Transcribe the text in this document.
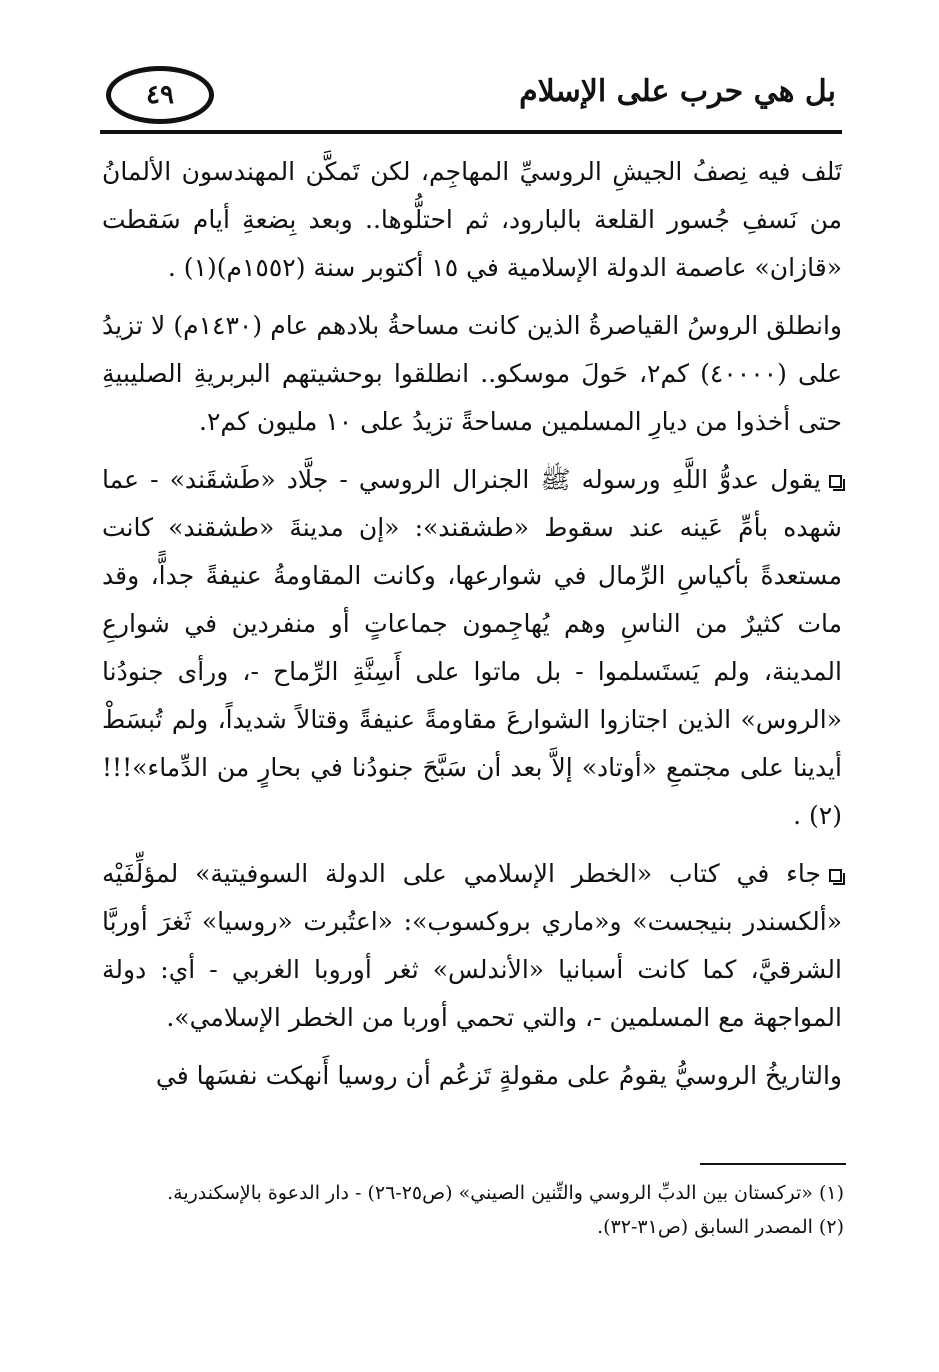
بل هي حرب على الإسلام
٤٩

تَلف فيه نِصفُ الجيشِ الروسيِّ المهاجِم، لكن تَمكَّن المهندسون الألمانُ من نَسفِ جُسور القلعة بالبارود، ثم احتلُّوها.. وبعد بِضعةِ أيام سَقطت «قازان» عاصمة الدولة الإسلامية في ١٥ أكتوبر سنة (١٥٥٢م)(١) .

وانطلق الروسُ القياصرةُ الذين كانت مساحةُ بلادهم عام (١٤٣٠م) لا تزيدُ على (٤٠٠٠٠) كم٢، حَولَ موسكو.. انطلقوا بوحشيتهم البربريةِ الصليبيةِ حتى أخذوا من ديارِ المسلمين مساحةً تزيدُ على ١٠ مليون كم٢.

يقول عدوُّ اللَّهِ ورسوله ﷺ الجنرال الروسي - جلَّاد «طَشقَند» - عما شهده بأمِّ عَينه عند سقوط «طشقند»: «إن مدينةَ «طشقند» كانت مستعدةً بأكياسِ الرِّمال في شوارعها، وكانت المقاومةُ عنيفةً جداًّ، وقد مات كثيرٌ من الناسِ وهم يُهاجِمون جماعاتٍ أو منفردين في شوارعِ المدينة، ولم يَستَسلموا - بل ماتوا على أَسِنَّةِ الرِّماح -، ورأى جنودُنا «الروس» الذين اجتازوا الشوارعَ مقاومةً عنيفةً وقتالاً شديداً، ولم تُبسَطْ أيدينا على مجتمعِ «أوتاد» إلاَّ بعد أن سَبَّحَ جنودُنا في بحارٍ من الدِّماء»!!!(٢) .

جاء في كتاب «الخطر الإسلامي على الدولة السوفيتية» لمؤلِّفَيْه «ألكسندر بنيجست» و«ماري بروكسوب»: «اعتُبرت «روسيا» ثَغرَ أوربَّا الشرقيَّ، كما كانت أسبانيا «الأندلس» ثغر أوروبا الغربي - أي: دولة المواجهة مع المسلمين -، والتي تحمي أوربا من الخطر الإسلامي».

والتاريخُ الروسيُّ يقومُ على مقولةٍ تَزعُم أن روسيا أَنهكت نفسَها في

(١) «تركستان بين الدبِّ الروسي والتِّنين الصيني» (ص٢٥-٢٦) - دار الدعوة بالإسكندرية.

(٢) المصدر السابق (ص٣١-٣٢).
